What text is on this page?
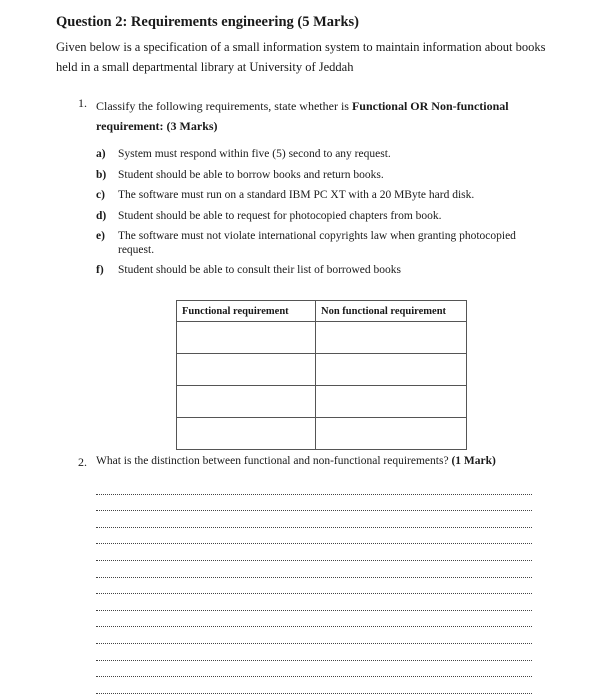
Question 2: Requirements engineering (5 Marks)
Given below is a specification of a small information system to maintain information about books held in a small departmental library at University of Jeddah
1. Classify the following requirements, state whether is Functional OR Non-functional requirement: (3 Marks)
a) System must respond within five (5) second to any request.
b) Student should be able to borrow books and return books.
c) The software must run on a standard IBM PC XT with a 20 MByte hard disk.
d) Student should be able to request for photocopied chapters from book.
e) The software must not violate international copyrights law when granting photocopied request.
f) Student should be able to consult their list of borrowed books
Functional requirement	Non functional requirement

2. What is the distinction between functional and non-functional requirements? (1 Mark)
